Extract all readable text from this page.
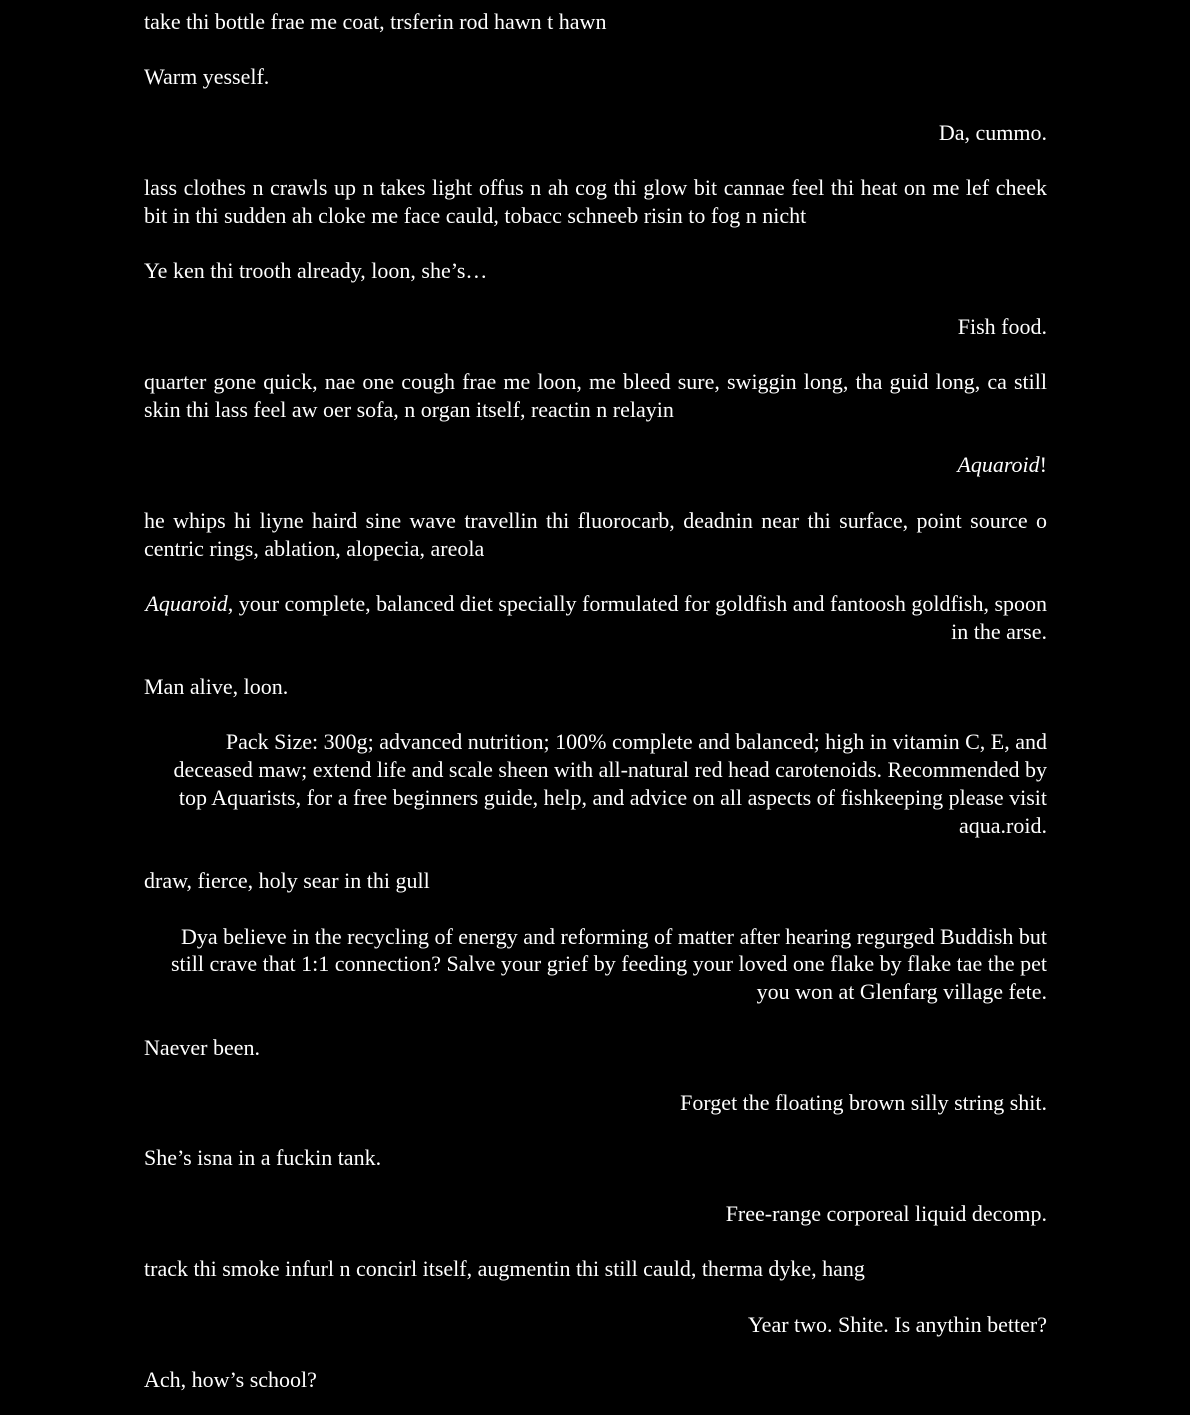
take thi bottle frae me coat, trsferin rod hawn t hawn

Warm yesself.

Da, cummo.

lass clothes n crawls up n takes light offus n ah cog thi glow bit cannae feel thi heat on me lef cheek bit in thi sudden ah cloke me face cauld, tobacc schneeb risin to fog n nicht

Ye ken thi trooth already, loon, she’s…

Fish food.

quarter gone quick, nae one cough frae me loon, me bleed sure, swiggin long, tha guid long, ca still skin thi lass feel aw oer sofa, n organ itself, reactin n relayin

Aquaroid!

he whips hi liyne haird sine wave travellin thi fluorocarb, deadnin near thi surface, point source o centric rings, ablation, alopecia, areola

Aquaroid, your complete, balanced diet specially formulated for goldfish and fantoosh goldfish, spoon in the arse.

Man alive, loon.

Pack Size: 300g; advanced nutrition; 100% complete and balanced; high in vitamin C, E, and deceased maw; extend life and scale sheen with all-natural red head carotenoids. Recommended by top Aquarists, for a free beginners guide, help, and advice on all aspects of fishkeeping please visit aqua.roid.

draw, fierce, holy sear in thi gull

Dya believe in the recycling of energy and reforming of matter after hearing regurged Buddish but still crave that 1:1 connection? Salve your grief by feeding your loved one flake by flake tae the pet you won at Glenfarg village fete.

Naever been.

Forget the floating brown silly string shit.

She’s isna in a fuckin tank.

Free-range corporeal liquid decomp.

track thi smoke infurl n concirl itself, augmentin thi still cauld, therma dyke, hang

Year two. Shite. Is anythin better?

Ach, how’s school?
